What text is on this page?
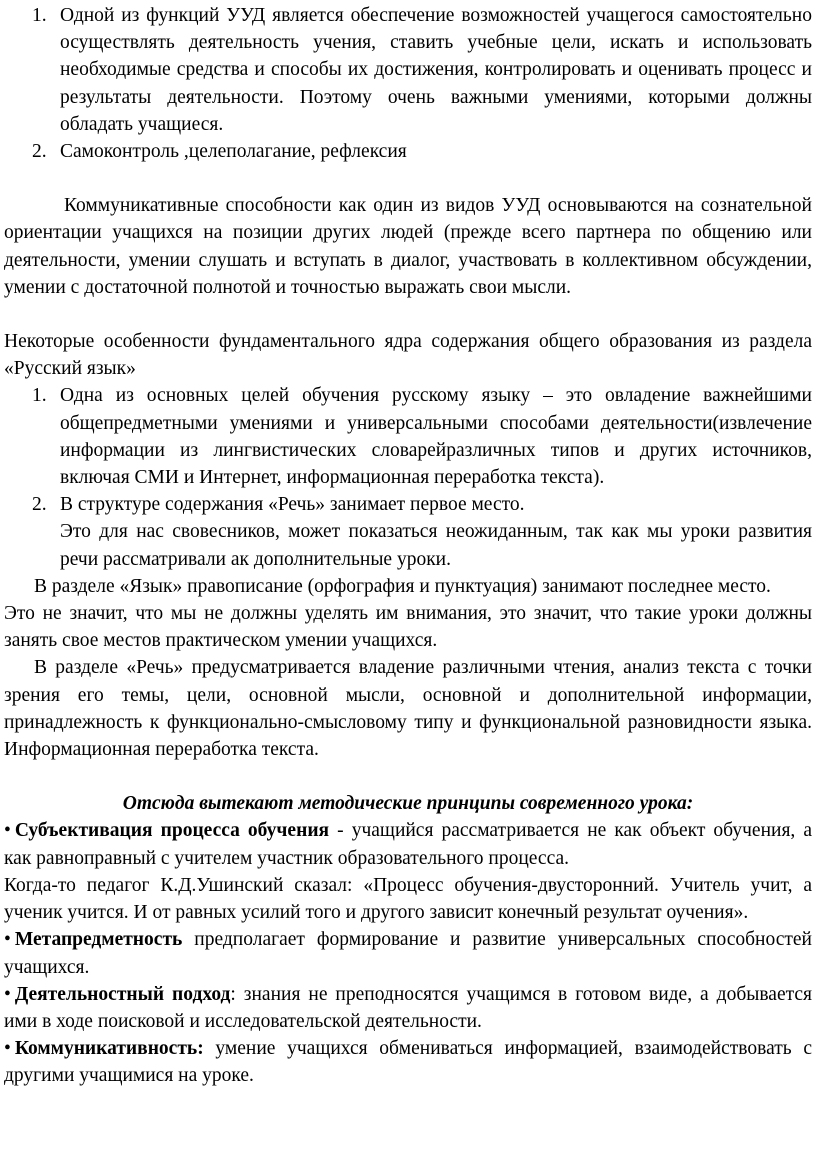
1. Одной из функций УУД является обеспечение возможностей учащегося самостоятельно осуществлять деятельность учения, ставить учебные цели, искать и использовать необходимые средства и способы их достижения, контролировать и оценивать процесс и результаты деятельности. Поэтому очень важными умениями, которыми должны обладать учащиеся.
2. Самоконтроль ,целеполагание, рефлексия

Коммуникативные способности как один из видов УУД основываются на сознательной ориентации учащихся на позиции других людей (прежде всего партнера по общению или деятельности, умении слушать и вступать в диалог, участвовать в коллективном обсуждении, умении с достаточной полнотой и точностью выражать свои мысли.

Некоторые особенности фундаментального ядра содержания общего образования из раздела «Русский язык»

1. Одна из основных целей обучения русскому языку – это овладение важнейшими общепредметными умениями и универсальными способами деятельности(извлечение информации из лингвистических словарейразличных типов и других источников, включая СМИ и Интернет, информационная переработка текста).
2. В структуре содержания «Речь» занимает первое место.

Это для нас свовесников, может показаться неожиданным, так как мы уроки развития речи рассматривали ак дополнительные уроки.

В разделе «Язык» правописание (орфография и пунктуация) занимают последнее место.

Это не значит, что мы не должны уделять им внимания, это значит, что такие уроки должны занять свое местов практическом умении учащихся.

В разделе «Речь» предусматривается владение различными чтения, анализ текста с точки зрения его темы, цели, основной мысли, основной и дополнительной информации, принадлежность к функционально-смысловому типу и функциональной разновидности языка. Информационная переработка текста.

Отсюда вытекают методические принципы современного урока:

• Субъективация процесса обучения - учащийся рассматривается не как объект обучения, а как равноправный с учителем участник образовательного процесса.

Когда-то педагог К.Д.Ушинский сказал: «Процесс обучения-двусторонний. Учитель учит, а ученик учится. И от равных усилий того и другого зависит конечный результат оучения».

• Метапредметность предполагает формирование и развитие универсальных способностей учащихся.

• Деятельностный подход: знания не преподносятся учащимся в готовом виде, а добывается ими в ходе поисковой и исследовательской деятельности.

• Коммуникативность: умение учащихся обмениваться информацией, взаимодействовать с другими учащимися на уроке.
